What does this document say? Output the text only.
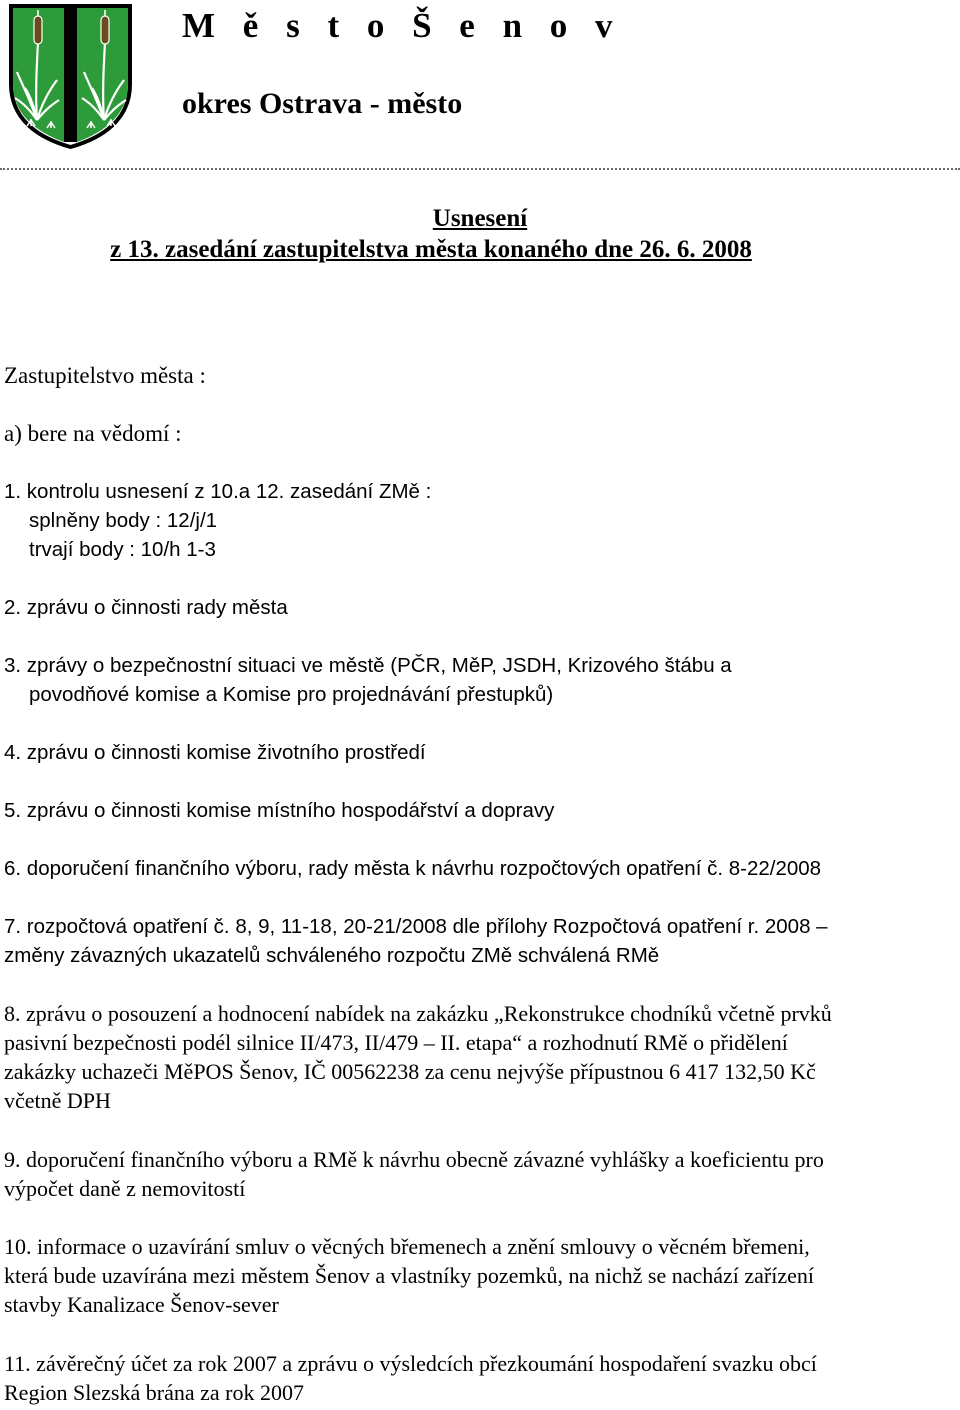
M ě s t o Š e n o v
okres Ostrava - město
Usnesení
z 13. zasedání zastupitelstva města konaného dne 26. 6. 2008
Zastupitelstvo města :
a) bere na vědomí :
1. kontrolu usnesení z 10.a 12. zasedání ZMě :
splněny body : 12/j/1
trvají body : 10/h 1-3
2. zprávu o činnosti rady města
3. zprávy o bezpečnostní situaci ve městě (PČR, MěP, JSDH, Krizového štábu a
povodňové komise a Komise pro projednávání přestupků)
4. zprávu o činnosti komise životního prostředí
5. zprávu o činnosti komise místního hospodářství a dopravy
6. doporučení finančního výboru, rady města k návrhu rozpočtových opatření č. 8-22/2008
7. rozpočtová opatření č. 8, 9, 11-18, 20-21/2008 dle přílohy Rozpočtová opatření r. 2008 –
změny závazných ukazatelů schváleného rozpočtu ZMě schválená RMě
8. zprávu o posouzení a hodnocení nabídek na zakázku „Rekonstrukce chodníků včetně prvků
pasivní bezpečnosti podél silnice II/473, II/479 – II. etapa“ a rozhodnutí RMě o přidělení
zakázky uchazeči MěPOS Šenov, IČ 00562238 za cenu nejvýše přípustnou 6 417 132,50 Kč
včetně DPH
9. doporučení finančního výboru a RMě k návrhu obecně závazné vyhlášky a koeficientu pro
výpočet daně z nemovitostí
10. informace o uzavírání smluv o věcných břemenech a znění smlouvy o věcném břemeni,
která bude uzavírána mezi městem Šenov a vlastníky pozemků, na nichž se nachází zařízení
stavby Kanalizace Šenov-sever
11. závěrečný účet za rok 2007 a zprávu o výsledcích přezkoumání hospodaření svazku obcí
Region Slezská brána za rok 2007
